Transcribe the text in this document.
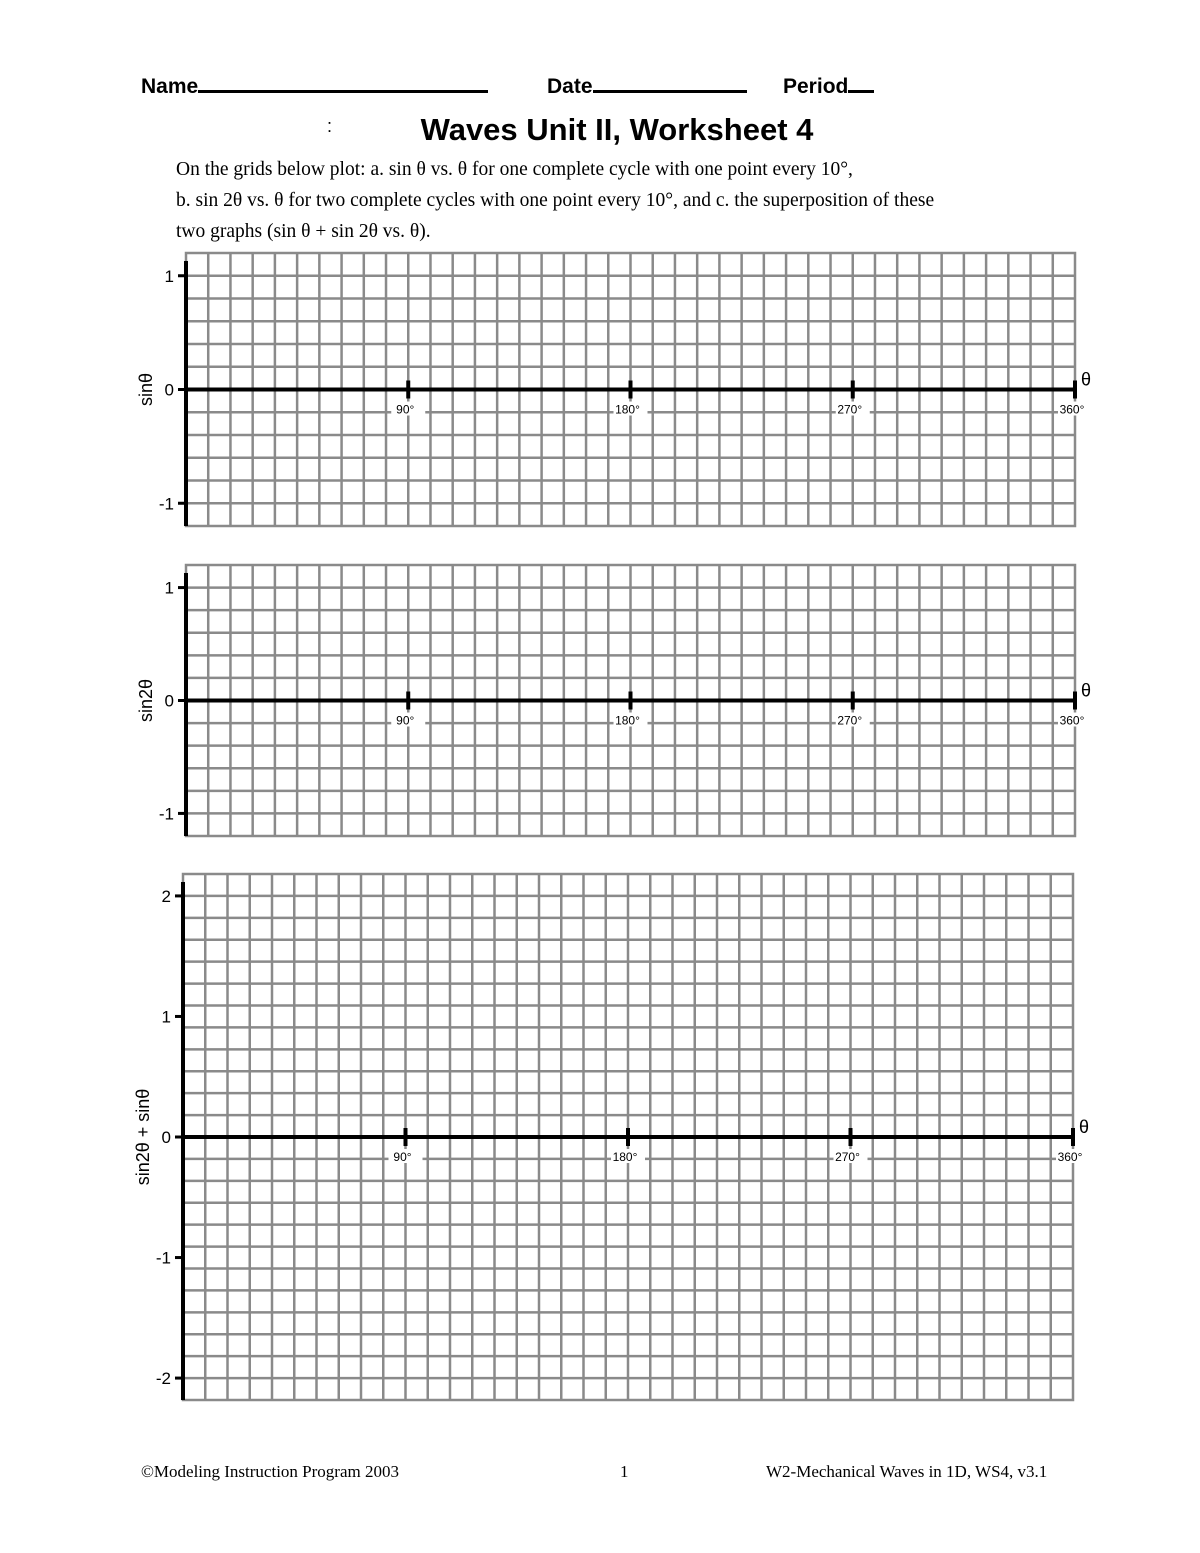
Name	Date	Period
:	Waves Unit II, Worksheet 4
On the grids below plot: a. sin θ vs. θ for one complete cycle with one point every 10°,
b. sin 2θ vs. θ for two complete cycles with one point every 10°, and c. the superposition of these
two graphs (sin θ + sin 2θ vs. θ).
1
0
-1
90°	180°	270°	360°
θ
sinθ
1
0
-1
90°	180°	270°	360°
θ
sin2θ
2
1
0
-1
-2
90°	180°	270°	360°
θ
sin2θ + sinθ
©Modeling Instruction Program 2003	1	W2-Mechanical Waves in 1D, WS4, v3.1
